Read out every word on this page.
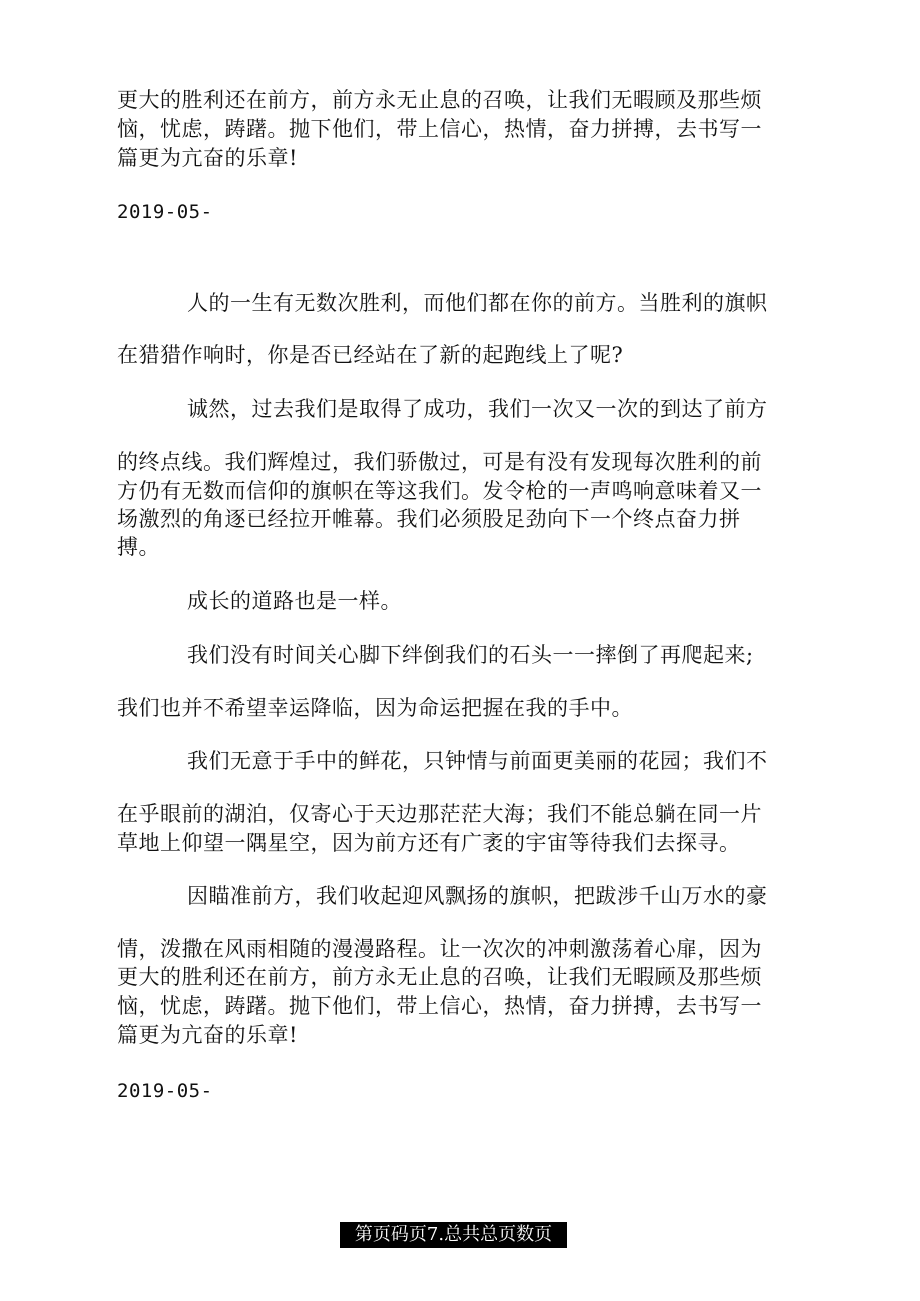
更大的胜利还在前方，前方永无止息的召唤，让我们无暇顾及那些烦
恼，忧虑，踌躇。抛下他们，带上信心，热情，奋力拼搏，去书写一
篇更为亢奋的乐章!
2019-05-
人的一生有无数次胜利，而他们都在你的前方。当胜利的旗帜
在猎猎作响时，你是否已经站在了新的起跑线上了呢?
诚然，过去我们是取得了成功，我们一次又一次的到达了前方
的终点线。我们辉煌过，我们骄傲过，可是有没有发现每次胜利的前
方仍有无数而信仰的旗帜在等这我们。发令枪的一声鸣响意味着又一
场激烈的角逐已经拉开帷幕。我们必须股足劲向下一个终点奋力拼
搏。
成长的道路也是一样。
我们没有时间关心脚下绊倒我们的石头一一摔倒了再爬起来;
我们也并不希望幸运降临，因为命运把握在我的手中。
我们无意于手中的鲜花，只钟情与前面更美丽的花园；我们不
在乎眼前的湖泊，仅寄心于天边那茫茫大海；我们不能总躺在同一片
草地上仰望一隅星空，因为前方还有广袤的宇宙等待我们去探寻。
因瞄准前方，我们收起迎风飘扬的旗帜，把跋涉千山万水的豪
情，泼撒在风雨相随的漫漫路程。让一次次的冲刺激荡着心扉，因为
更大的胜利还在前方，前方永无止息的召唤，让我们无暇顾及那些烦
恼，忧虑，踌躇。抛下他们，带上信心，热情，奋力拼搏，去书写一
篇更为亢奋的乐章!
2019-05-
第页码页7.总共总页数页
